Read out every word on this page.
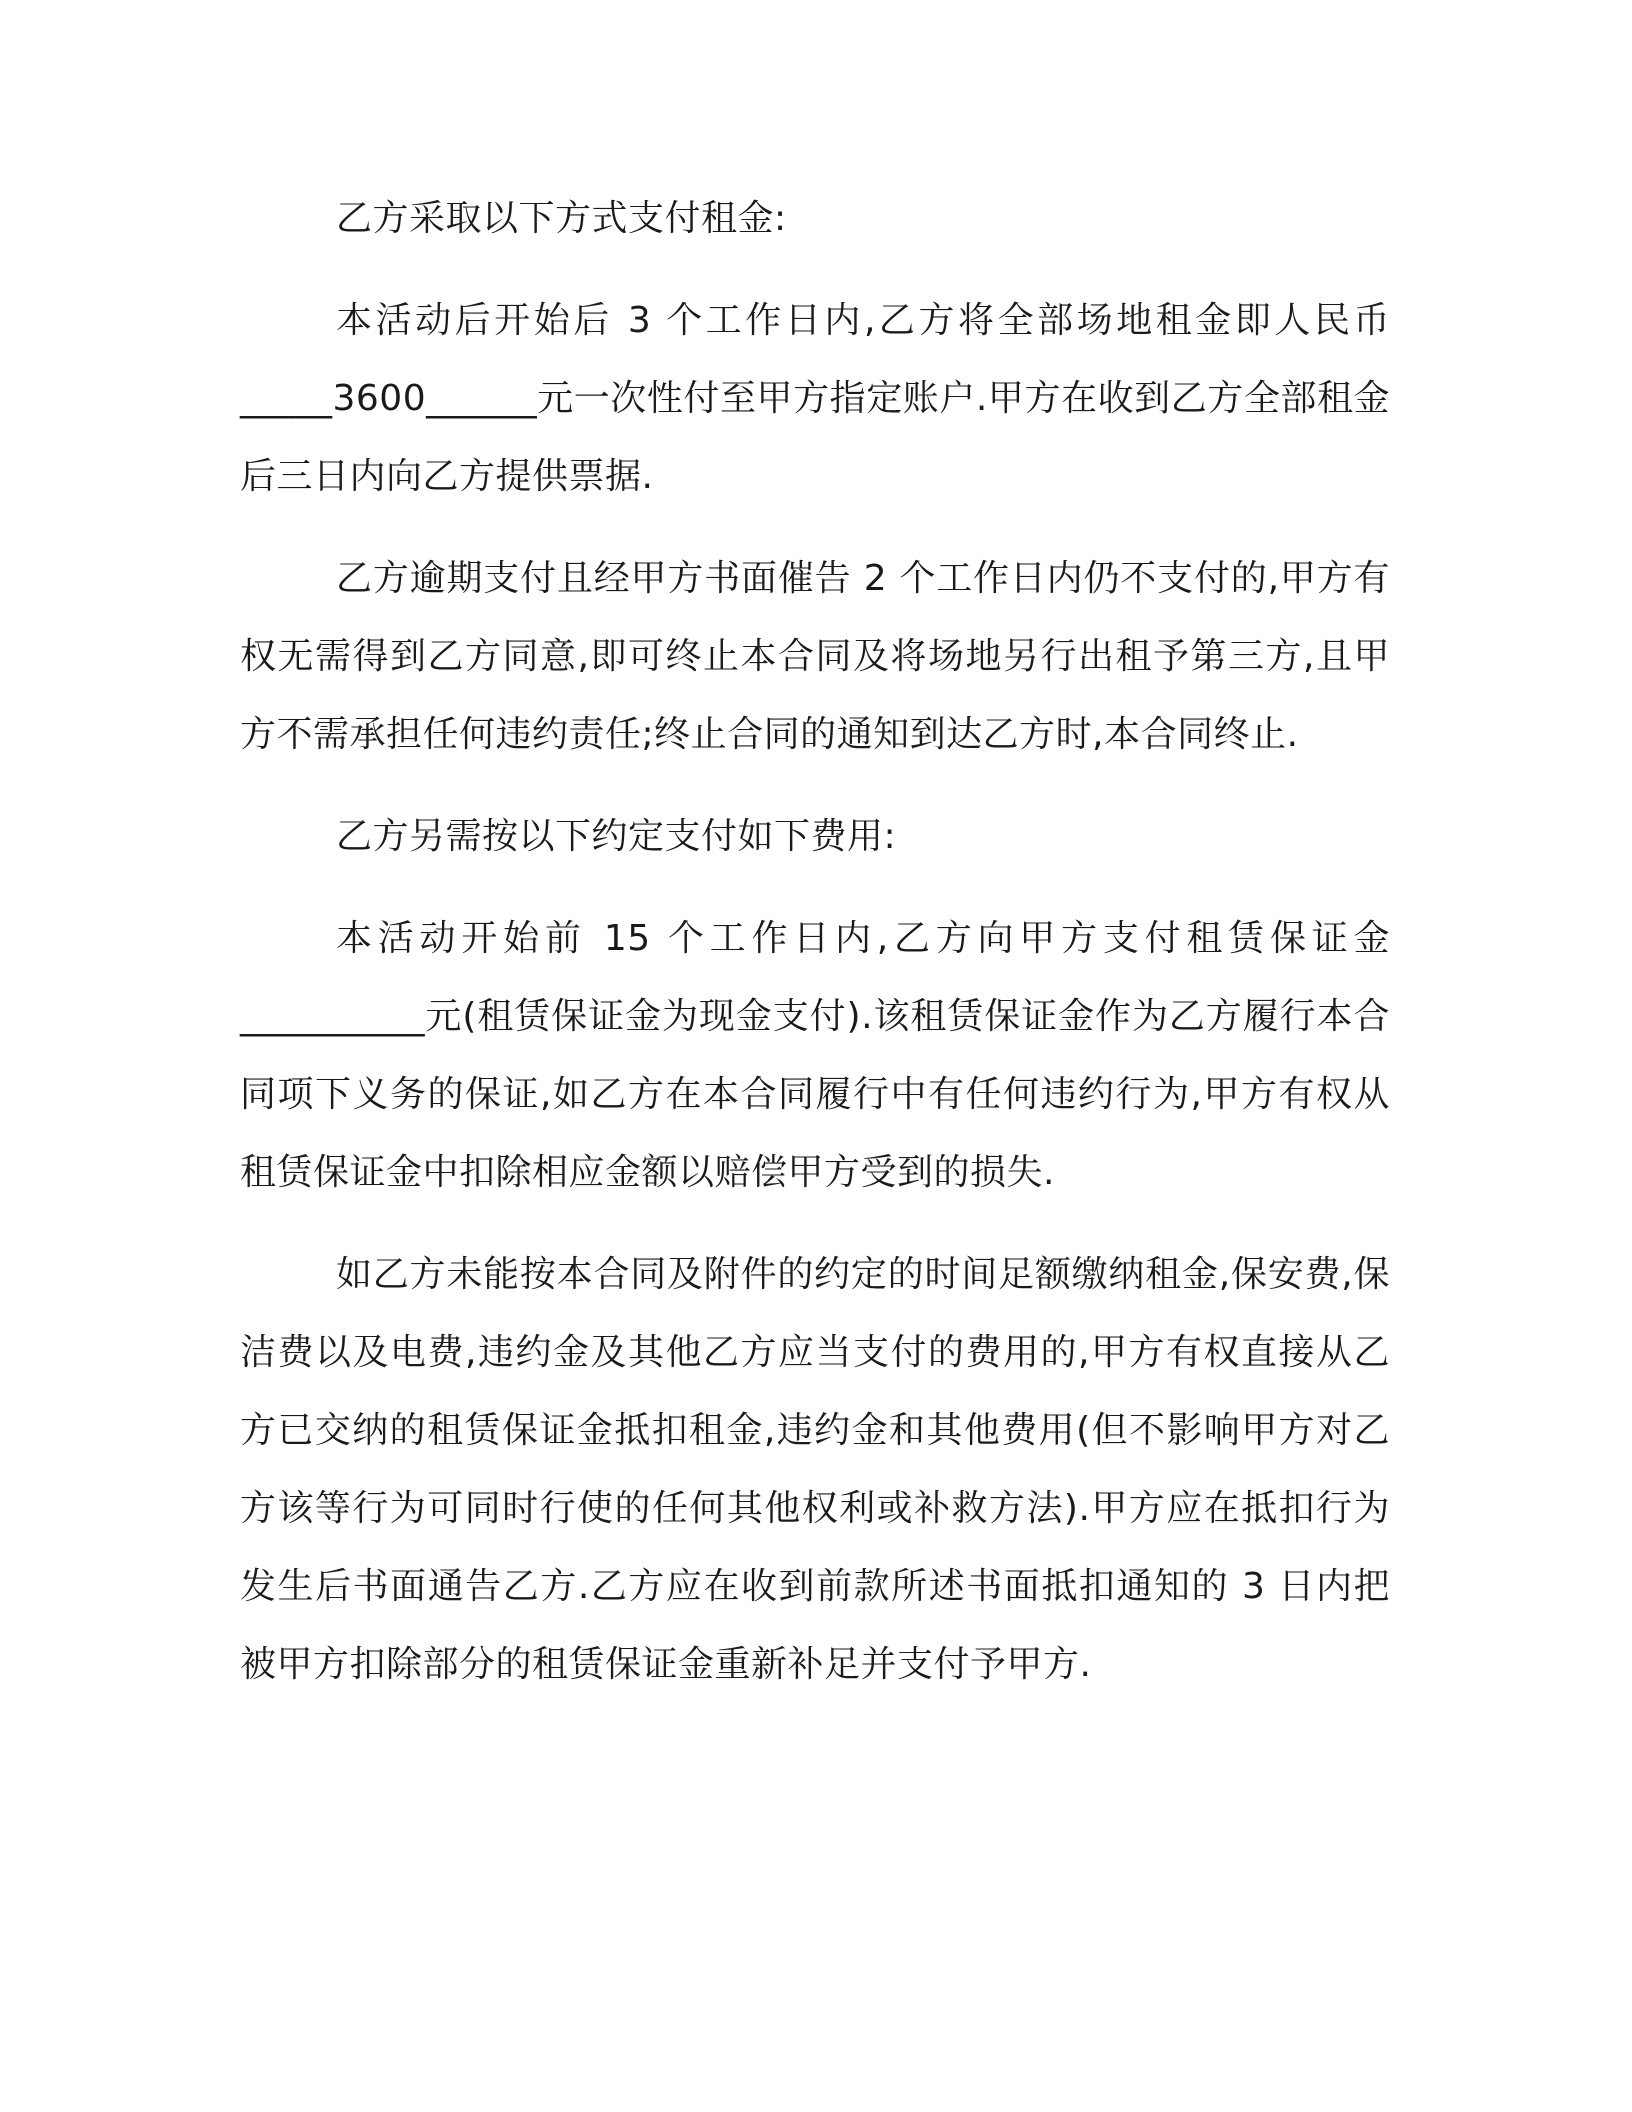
乙方采取以下方式支付租金:

本活动后开始后 3 个工作日内,乙方将全部场地租金即人民币_____3600______元一次性付至甲方指定账户.甲方在收到乙方全部租金后三日内向乙方提供票据.

乙方逾期支付且经甲方书面催告 2 个工作日内仍不支付的,甲方有权无需得到乙方同意,即可终止本合同及将场地另行出租予第三方,且甲方不需承担任何违约责任;终止合同的通知到达乙方时,本合同终止.

乙方另需按以下约定支付如下费用:

本活动开始前 15 个工作日内,乙方向甲方支付租赁保证金__________元(租赁保证金为现金支付).该租赁保证金作为乙方履行本合同项下义务的保证,如乙方在本合同履行中有任何违约行为,甲方有权从租赁保证金中扣除相应金额以赔偿甲方受到的损失.

如乙方未能按本合同及附件的约定的时间足额缴纳租金,保安费,保洁费以及电费,违约金及其他乙方应当支付的费用的,甲方有权直接从乙方已交纳的租赁保证金抵扣租金,违约金和其他费用(但不影响甲方对乙方该等行为可同时行使的任何其他权利或补救方法).甲方应在抵扣行为发生后书面通告乙方.乙方应在收到前款所述书面抵扣通知的 3 日内把被甲方扣除部分的租赁保证金重新补足并支付予甲方.
